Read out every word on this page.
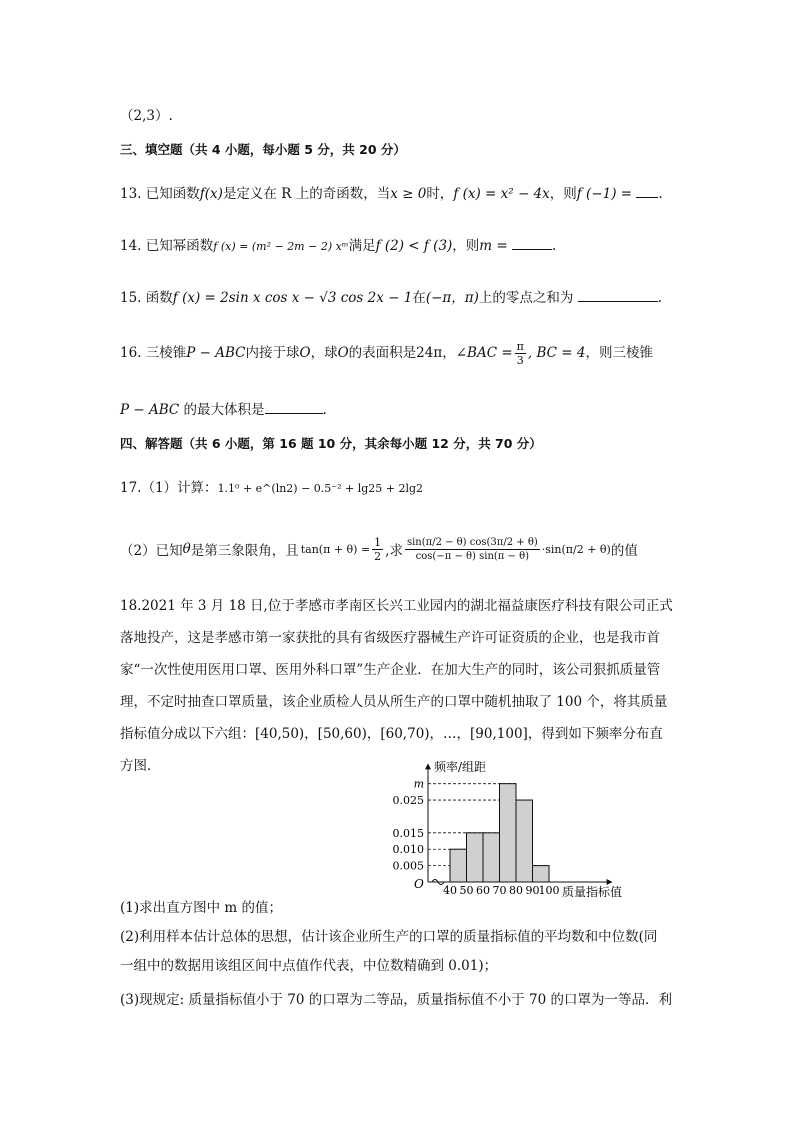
（2,3）.
三、填空题（共 4 小题，每小题 5 分，共 20 分）
13. 已知函数f(x)是定义在 R 上的奇函数，当x ≥ 0时，f (x) = x² − 4x，则f (−1) = .
14. 已知幂函数f (x) = (m² − 2m − 2) xᵐ满足f (2) < f (3)，则m =	.
15. 函数f (x) = 2sin x cos x − √3 cos 2x − 1在(−π，π)上的零点之和为	.
16. 三棱锥P − ABC内接于球O，球O的表面积是24π，∠BAC = $\frac{\pi}{3}$ , BC = 4，则三棱锥
P − ABC 的最大体积是	.
四、解答题（共 6 小题，第 16 题 10 分，其余每小题 12 分，共 70 分）
17.（1）计算：1.1⁰ + e^(ln2) − 0.5⁻² + lg25 + 2lg2
（2）已知 θ 是第三象限角，且 $\tan(\pi + \theta) = \frac{1}{2}$ ,求 $\frac{\sin(\pi/2 - \theta) \cos(3\pi/2 + \theta)}{\cos(-\pi - \theta) \sin(\pi - \theta)} \cdot\sin(\pi/2 + \theta)$ 的值

18.2021 年 3 月 18 日,位于孝感市孝南区长兴工业园内的湖北福益康医疗科技有限公司正式

落地投产，这是孝感市第一家获批的具有省级医疗器械生产许可证资质的企业，也是我市首

家“一次性使用医用口罩、医用外科口罩”生产企业．在加大生产的同时，该公司狠抓质量管

理，不定时抽查口罩质量，该企业质检人员从所生产的口罩中随机抽取了 100 个，将其质量

指标值分成以下六组：[40,50)，[50,60)，[60,70)，…，[90,100]，得到如下频率分布直

方图．	频率/组距
质量指标值
O
0.005
0.010
0.015
0.025
m
40 50 60 70 80 90 100
(1)求出直方图中 m 的值；
(2)利用样本估计总体的思想，估计该企业所生产的口罩的质量指标值的平均数和中位数(同
一组中的数据用该组区间中点值作代表，中位数精确到 0.01)；
(3)现规定: 质量指标值小于 70 的口罩为二等品，质量指标值不小于 70 的口罩为一等品．利
